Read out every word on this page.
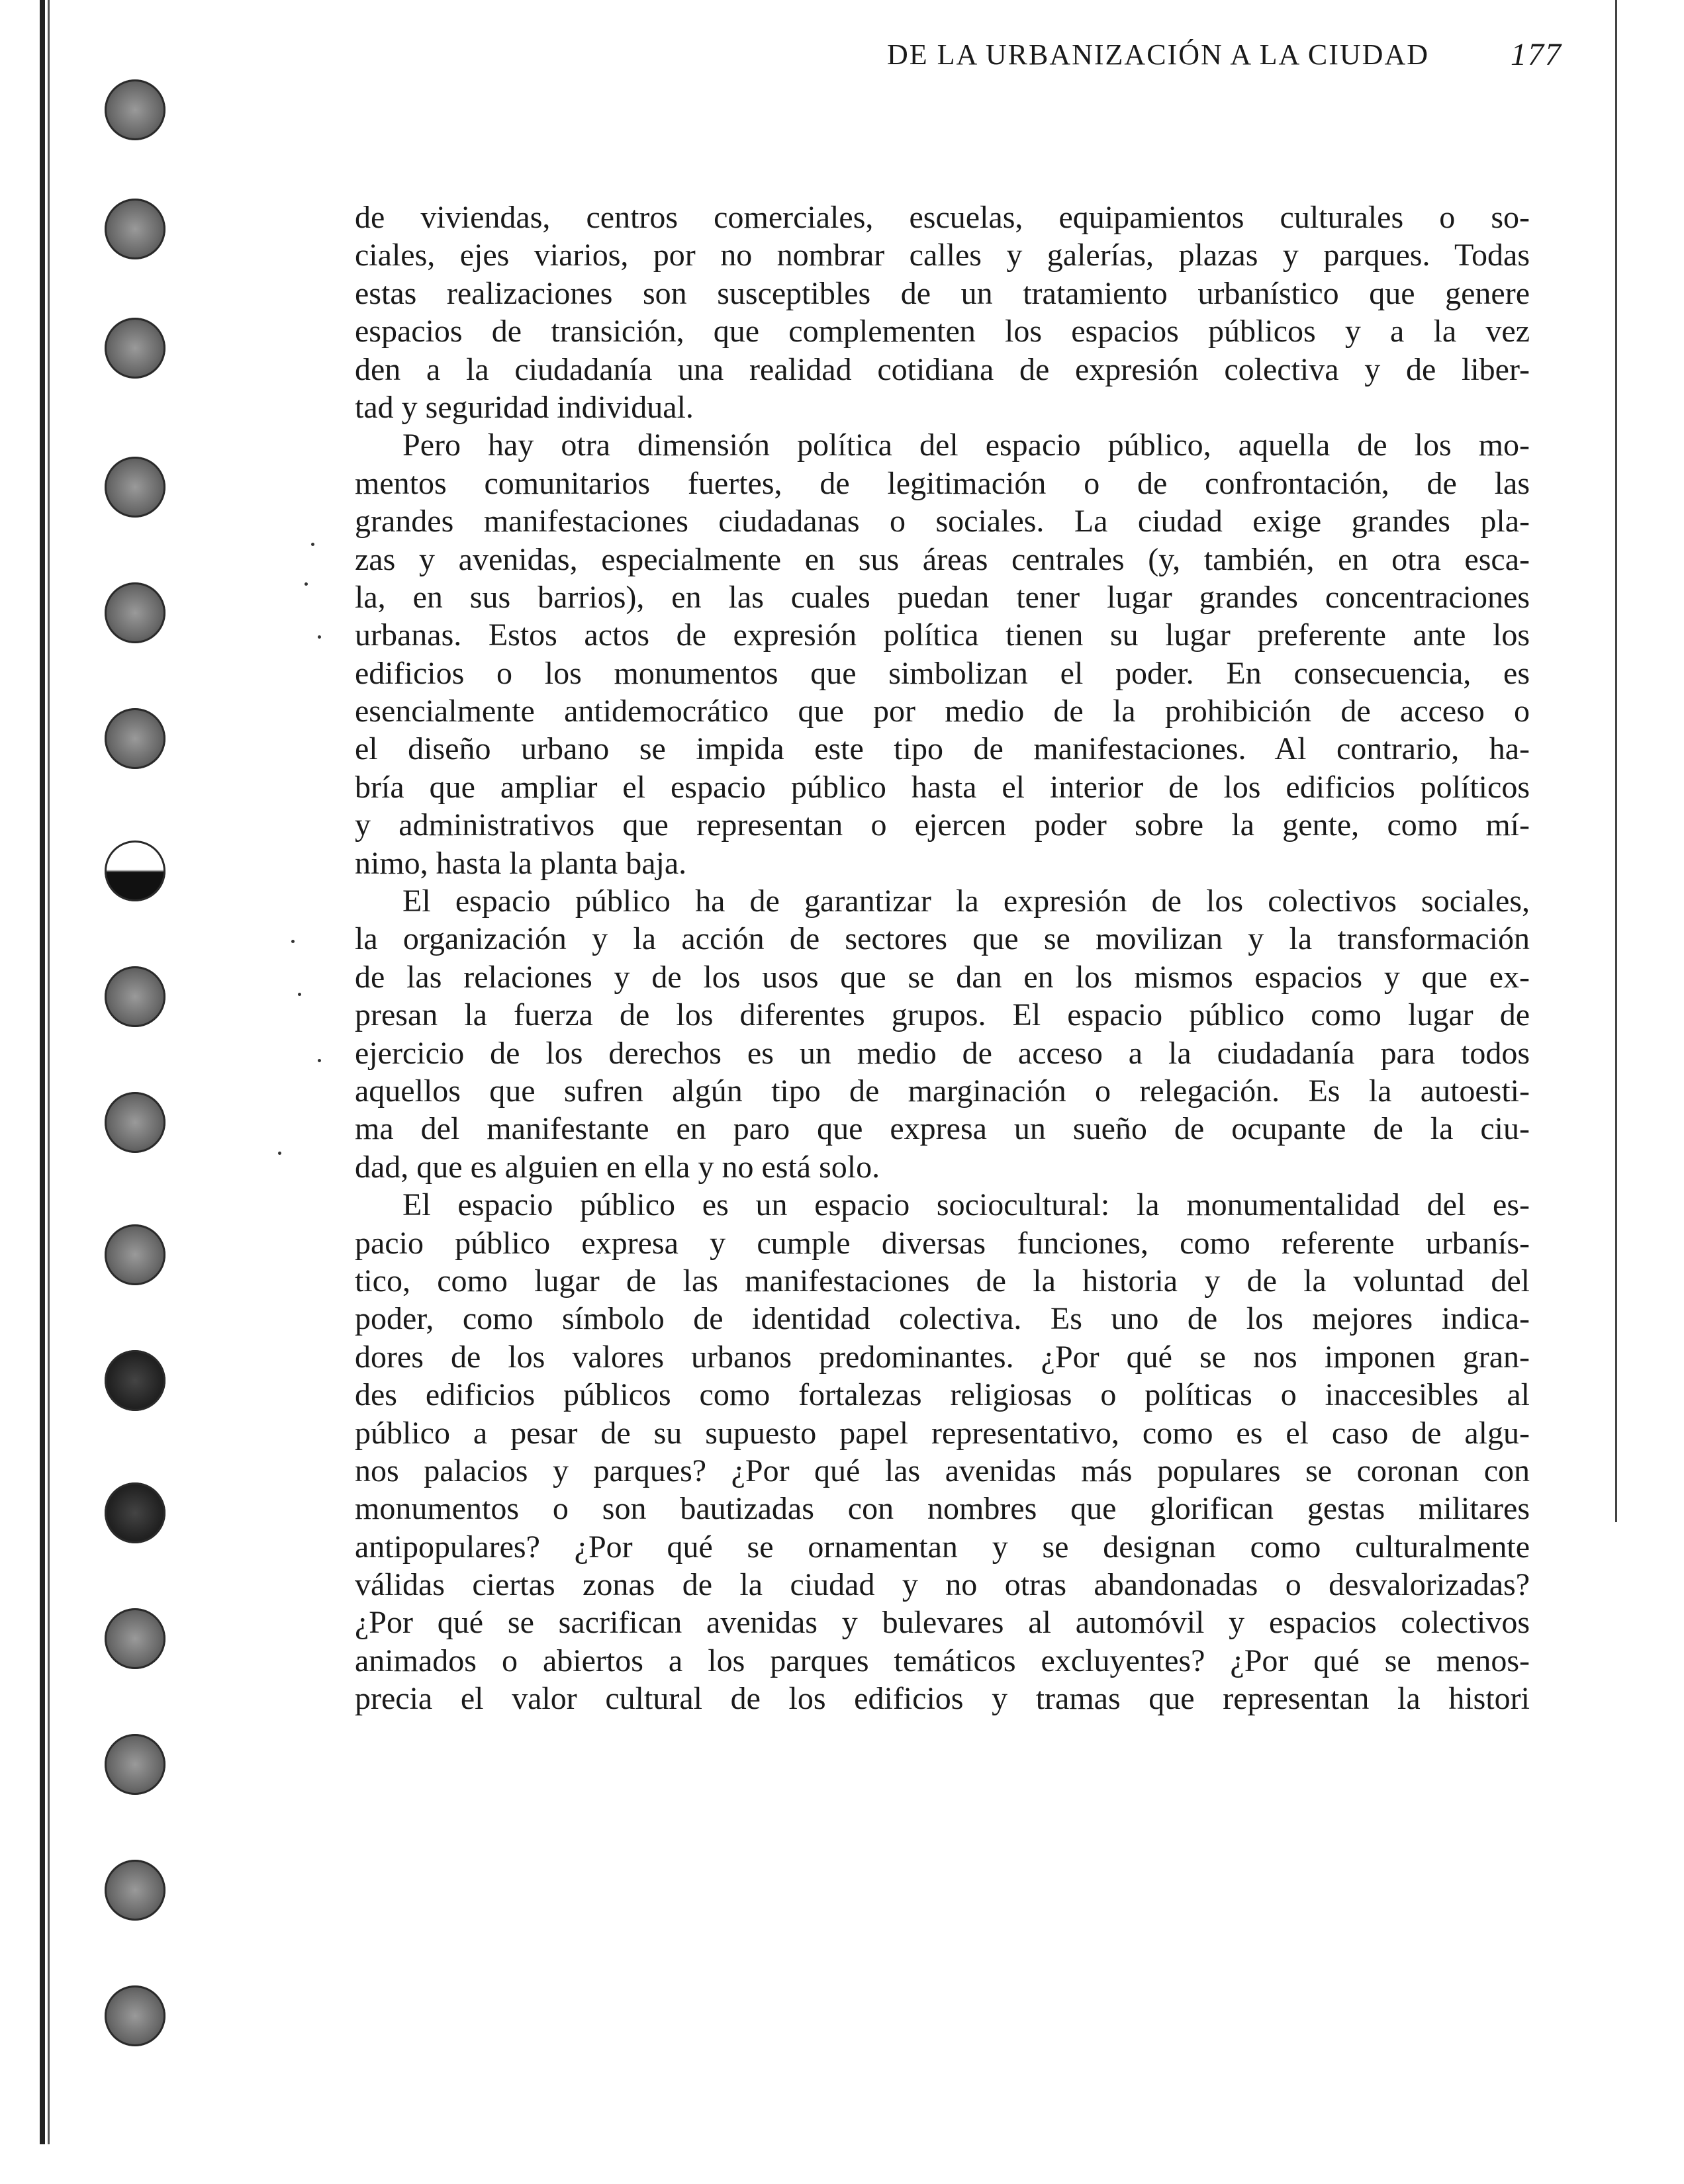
DE LA URBANIZACIÓN A LA CIUDAD	177
de viviendas, centros comerciales, escuelas, equipamientos culturales o so-
ciales, ejes viarios, por no nombrar calles y galerías, plazas y parques. Todas
estas realizaciones son susceptibles de un tratamiento urbanístico que genere
espacios de transición, que complementen los espacios públicos y a la vez
den a la ciudadanía una realidad cotidiana de expresión colectiva y de liber-
tad y seguridad individual.
Pero hay otra dimensión política del espacio público, aquella de los mo-
mentos comunitarios fuertes, de legitimación o de confrontación, de las
grandes manifestaciones ciudadanas o sociales. La ciudad exige grandes pla-
zas y avenidas, especialmente en sus áreas centrales (y, también, en otra esca-
la, en sus barrios), en las cuales puedan tener lugar grandes concentraciones
urbanas. Estos actos de expresión política tienen su lugar preferente ante los
edificios o los monumentos que simbolizan el poder. En consecuencia, es
esencialmente antidemocrático que por medio de la prohibición de acceso o
el diseño urbano se impida este tipo de manifestaciones. Al contrario, ha-
bría que ampliar el espacio público hasta el interior de los edificios políticos
y administrativos que representan o ejercen poder sobre la gente, como mí-
nimo, hasta la planta baja.
El espacio público ha de garantizar la expresión de los colectivos sociales,
la organización y la acción de sectores que se movilizan y la transformación
de las relaciones y de los usos que se dan en los mismos espacios y que ex-
presan la fuerza de los diferentes grupos. El espacio público como lugar de
ejercicio de los derechos es un medio de acceso a la ciudadanía para todos
aquellos que sufren algún tipo de marginación o relegación. Es la autoesti-
ma del manifestante en paro que expresa un sueño de ocupante de la ciu-
dad, que es alguien en ella y no está solo.
El espacio público es un espacio sociocultural: la monumentalidad del es-
pacio público expresa y cumple diversas funciones, como referente urbanís-
tico, como lugar de las manifestaciones de la historia y de la voluntad del
poder, como símbolo de identidad colectiva. Es uno de los mejores indica-
dores de los valores urbanos predominantes. ¿Por qué se nos imponen gran-
des edificios públicos como fortalezas religiosas o políticas o inaccesibles al
público a pesar de su supuesto papel representativo, como es el caso de algu-
nos palacios y parques? ¿Por qué las avenidas más populares se coronan con
monumentos o son bautizadas con nombres que glorifican gestas militares
antipopulares? ¿Por qué se ornamentan y se designan como culturalmente
válidas ciertas zonas de la ciudad y no otras abandonadas o desvalorizadas?
¿Por qué se sacrifican avenidas y bulevares al automóvil y espacios colectivos
animados o abiertos a los parques temáticos excluyentes? ¿Por qué se menos-
precia el valor cultural de los edificios y tramas que representan la histori
